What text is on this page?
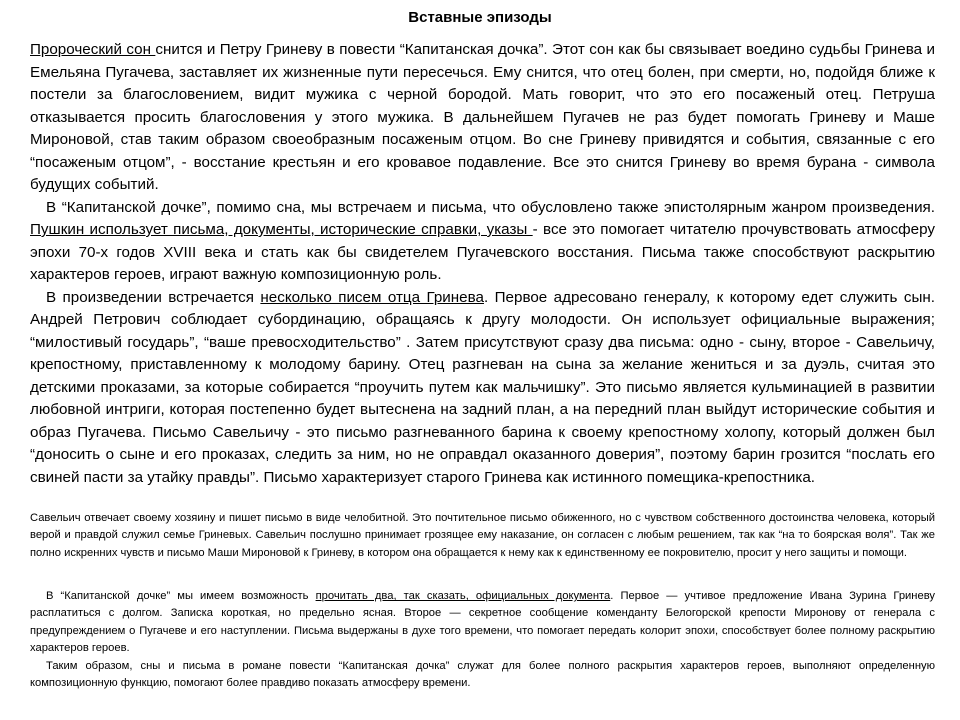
Вставные эпизоды

Пророческий сон снится и Петру Гриневу в повести “Капитанская дочка”. Этот сон как бы связывает воедино судьбы Гринева и Емельяна Пугачева, заставляет их жизненные пути пересечься. Ему снится, что отец болен, при смерти, но, подойдя ближе к постели за благословением, видит мужика с черной бородой. Мать говорит, что это его посаженый отец. Петруша отказывается просить благословения у этого мужика. В дальнейшем Пугачев не раз будет помогать Гриневу и Маше Мироновой, став таким образом своеобразным посаженым отцом. Во сне Гриневу привидятся и события, связанные с его “посаженым отцом”, - восстание крестьян и его кровавое подавление. Все это снится Гриневу во время бурана - символа будущих событий.

В “Капитанской дочке”, помимо сна, мы встречаем и письма, что обусловлено также эпистолярным жанром произведения. Пушкин использует письма, документы, исторические справки, указы - все это помогает читателю прочувствовать атмосферу эпохи 70-х годов XVIII века и стать как бы свидетелем Пугачевского восстания. Письма также способствуют раскрытию характеров героев, играют важную композиционную роль.

В произведении встречается несколько писем отца Гринева. Первое адресовано генералу, к которому едет служить сын. Андрей Петрович соблюдает субординацию, обращаясь к другу молодости. Он использует официальные выражения; “милостивый государь”, “ваше превосходительство” . Затем присутствуют сразу два письма: одно - сыну, второе - Савельичу, крепостному, приставленному к молодому барину. Отец разгневан на сына за желание жениться и за дуэль, считая это детскими проказами, за которые собирается “проучить путем как мальчишку”. Это письмо является кульминацией в развитии любовной интриги, которая постепенно будет вытеснена на задний план, а на передний план выйдут исторические события и образ Пугачева. Письмо Савельичу - это письмо разгневанного барина к своему крепостному холопу, который должен был “доносить о сыне и его проказах, следить за ним, но не оправдал оказанного доверия”, поэтому барин грозится “послать его свиней пасти за утайку правды”. Письмо характеризует старого Гринева как истинного помещика-крепостника.

Савельич отвечает своему хозяину и пишет письмо в виде челобитной. Это почтительное письмо обиженного, но с чувством собственного достоинства человека, который верой и правдой служил семье Гриневых. Савельич послушно принимает грозящее ему наказание, он согласен с любым решением, так как “на то боярская воля”. Так же полно искренних чувств и письмо Маши Мироновой к Гриневу, в котором она обращается к нему как к единственному ее покровителю, просит у него защиты и помощи.

В “Капитанской дочке” мы имеем возможность прочитать два, так сказать, официальных документа. Первое — учтивое предложение Ивана Зурина Гриневу расплатиться с долгом. Записка короткая, но предельно ясная. Второе — секретное сообщение коменданту Белогорской крепости Миронову от генерала с предупреждением о Пугачеве и его наступлении. Письма выдержаны в духе того времени, что помогает передать колорит эпохи, способствует более полному раскрытию характеров героев.

Таким образом, сны и письма в романе повести “Капитанская дочка” служат для более полного раскрытия характеров героев, выполняют определенную композиционную функцию, помогают более правдиво показать атмосферу времени.
